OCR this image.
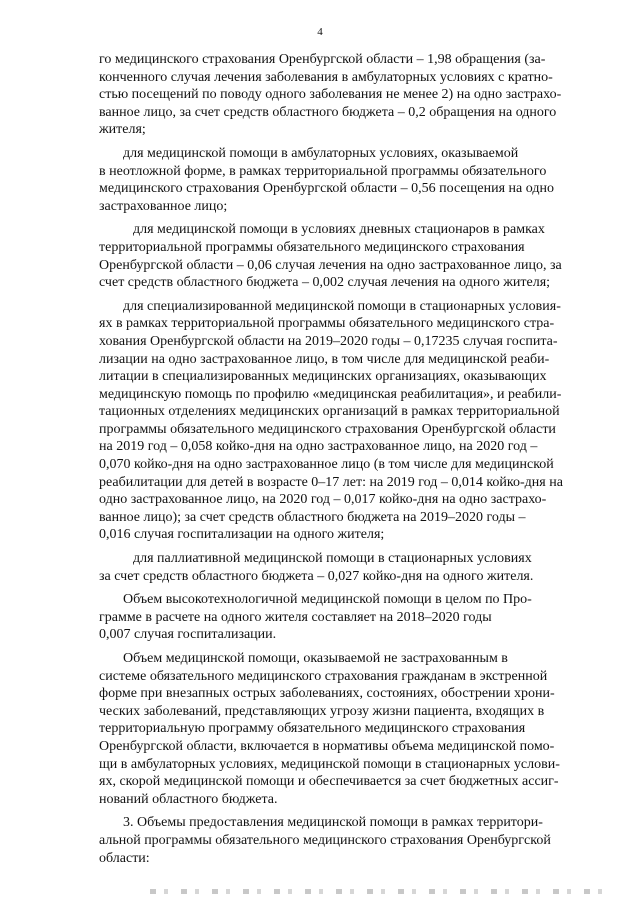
4

го медицинского страхования Оренбургской области – 1,98 обращения (за-
конченного случая лечения заболевания в амбулаторных условиях с кратно-
стью посещений по поводу одного заболевания не менее 2) на одно застрахо-
ванное лицо, за счет средств областного бюджета – 0,2 обращения на одного
жителя;

для медицинской помощи в амбулаторных условиях, оказываемой
в неотложной форме, в рамках территориальной программы обязательного
медицинского страхования Оренбургской области – 0,56 посещения на одно
застрахованное лицо;

для медицинской помощи в условиях дневных стационаров в рамках
территориальной программы обязательного медицинского страхования
Оренбургской области – 0,06 случая лечения на одно застрахованное лицо, за
счет средств областного бюджета – 0,002 случая лечения на одного жителя;

для специализированной медицинской помощи в стационарных условия-
ях в рамках территориальной программы обязательного медицинского стра-
хования Оренбургской области на 2019–2020 годы – 0,17235 случая госпита-
лизации на одно застрахованное лицо, в том числе для медицинской реаби-
литации в специализированных медицинских организациях, оказывающих
медицинскую помощь по профилю «медицинская реабилитация», и реабили-
тационных отделениях медицинских организаций в рамках территориальной
программы обязательного медицинского страхования Оренбургской области
на 2019 год – 0,058 койко-дня на одно застрахованное лицо, на 2020 год –
0,070 койко-дня на одно застрахованное лицо (в том числе для медицинской
реабилитации для детей в возрасте 0–17 лет: на 2019 год – 0,014 койко-дня на
одно застрахованное лицо, на 2020 год – 0,017 койко-дня на одно застрахо-
ванное лицо); за счет средств областного бюджета на 2019–2020 годы –
0,016 случая госпитализации на одного жителя;

для паллиативной медицинской помощи в стационарных условиях
за счет средств областного бюджета – 0,027 койко-дня на одного жителя.

Объем высокотехнологичной медицинской помощи в целом по Про-
грамме в расчете на одного жителя составляет на 2018–2020 годы
0,007 случая госпитализации.

Объем медицинской помощи, оказываемой не застрахованным в
системе обязательного медицинского страхования гражданам в экстренной
форме при внезапных острых заболеваниях, состояниях, обострении хрони-
ческих заболеваний, представляющих угрозу жизни пациента, входящих в
территориальную программу обязательного медицинского страхования
Оренбургской области, включается в нормативы объема медицинской помо-
щи в амбулаторных условиях, медицинской помощи в стационарных услови-
ях, скорой медицинской помощи и обеспечивается за счет бюджетных ассиг-
нований областного бюджета.

3. Объемы предоставления медицинской помощи в рамках территори-
альной программы обязательного медицинского страхования Оренбургской
области:
